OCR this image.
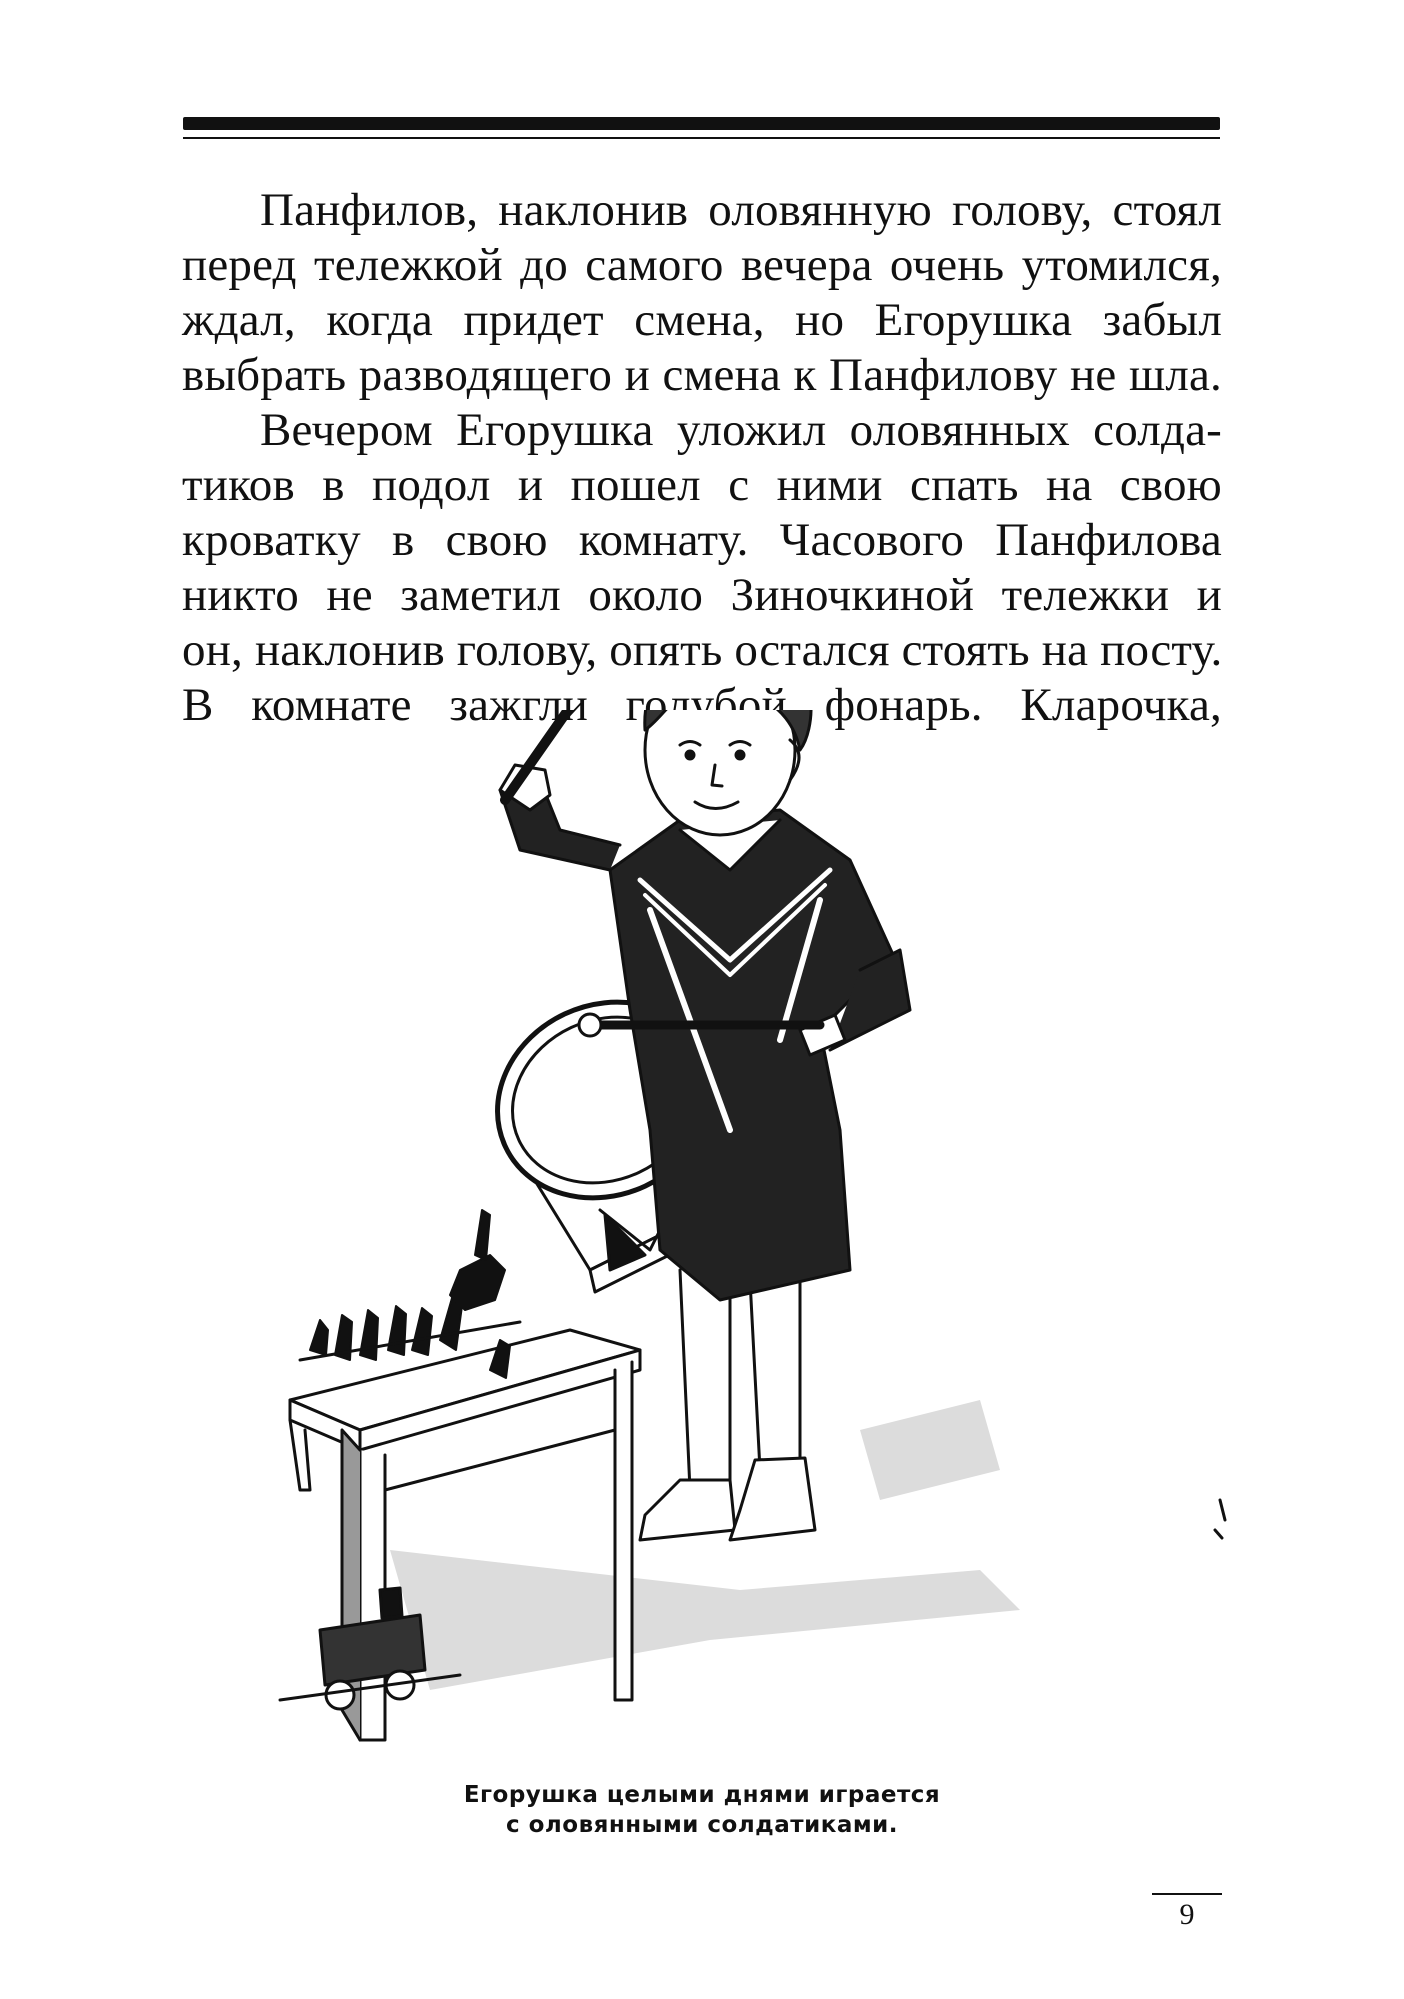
Панфилов, наклонив оловянную голову, стоял
перед тележкой до самого вечера очень утомился,
ждал, когда придет смена, но Егорушка забыл
выбрать разводящего и смена к Панфилову не шла.
Вечером Егорушка уложил оловянных солда-
тиков в подол и пошел с ними спать на свою
кроватку в свою комнату. Часового Панфилова
никто не заметил около Зиночкиной тележки и
он, наклонив голову, опять остался стоять на посту.
В комнате зажгли голубой фонарь. Кларочка,
Егорушка целыми днями играется
с оловянными солдатиками.
9
